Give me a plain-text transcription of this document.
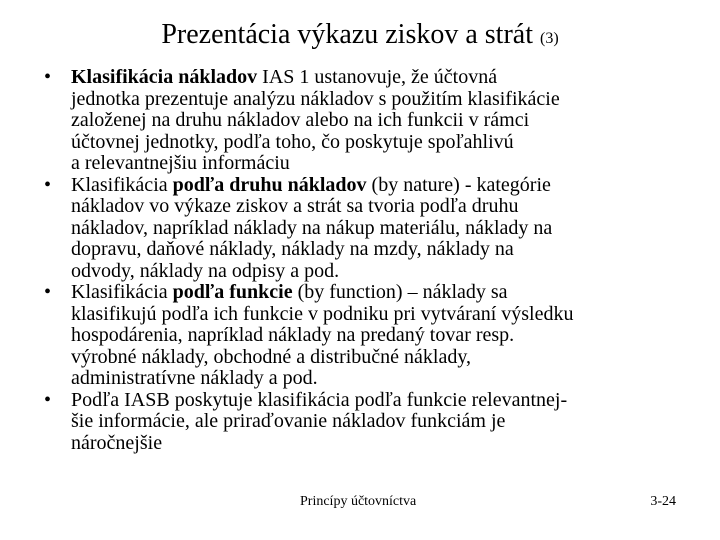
Prezentácia výkazu ziskov a strát (3)
• Klasifikácia nákladov IAS 1 ustanovuje, že účtovná
jednotka prezentuje analýzu nákladov s použitím klasifikácie
založenej na druhu nákladov alebo na ich funkcii v rámci
účtovnej jednotky, podľa toho, čo poskytuje spoľahlivú
a relevantnejšiu informáciu
• Klasifikácia podľa druhu nákladov (by nature) - kategórie
nákladov vo výkaze ziskov a strát sa tvoria podľa druhu
nákladov, napríklad náklady na nákup materiálu, náklady na
dopravu, daňové náklady, náklady na mzdy, náklady na
odvody, náklady na odpisy a pod.
• Klasifikácia podľa funkcie (by function) – náklady sa
klasifikujú podľa ich funkcie v podniku pri vytváraní výsledku
hospodárenia, napríklad náklady na predaný tovar resp.
výrobné náklady, obchodné a distribučné náklady,
administratívne náklady a pod.
• Podľa IASB poskytuje klasifikácia podľa funkcie relevantnej-
šie informácie, ale priraďovanie nákladov funkciám je
náročnejšie
Princípy účtovníctva	3-24
